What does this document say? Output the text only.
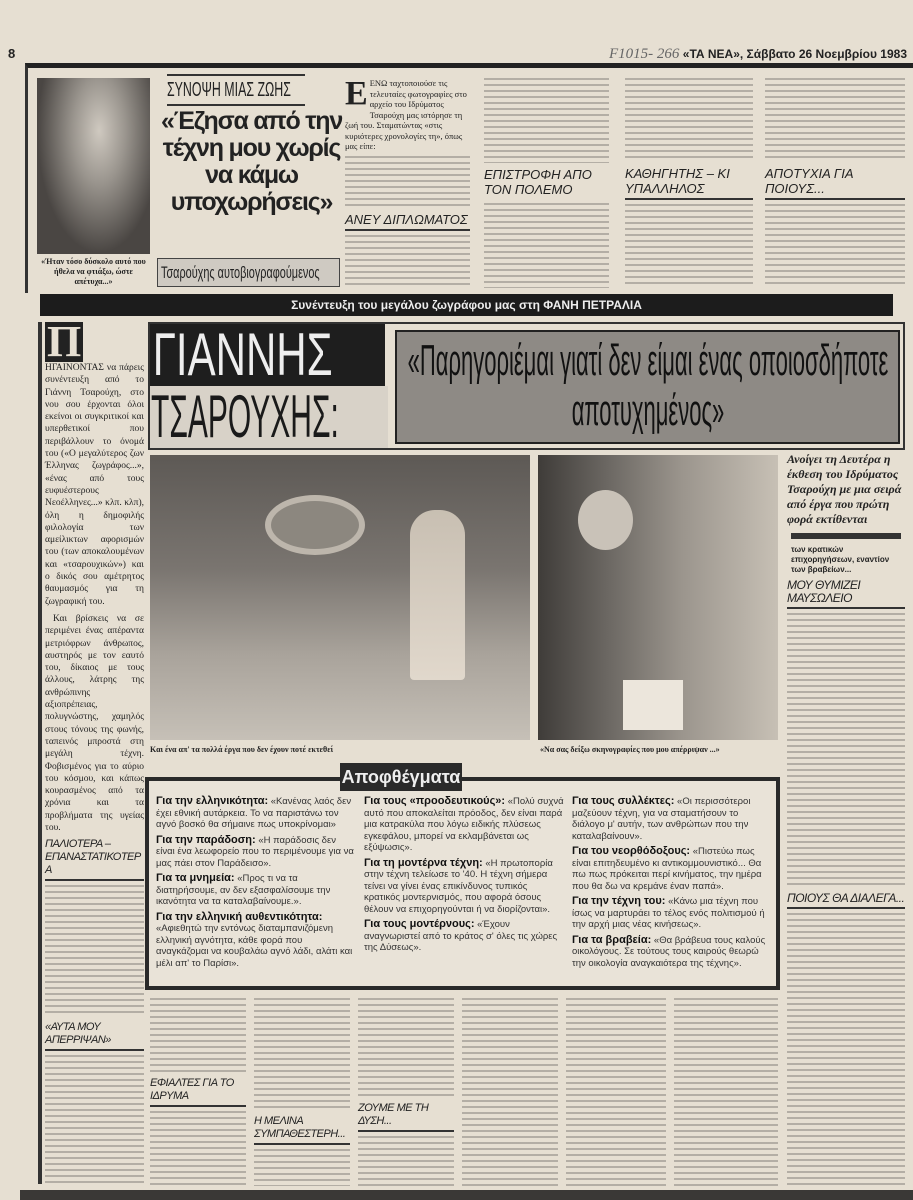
8	F1015- 266 «ΤΑ ΝΕΑ», Σάββατο 26 Νοεμβρίου 1983
«Ήταν τόσο δύσκολο αυτό που ήθελα να φτιάξω, ώστε απέτυχα...»
ΣΥΝΟΨΗ ΜΙΑΣ ΖΩΗΣ
«Έζησα από την τέχνη μου χωρίς να κάμω υποχωρήσεις»
Τσαρούχης αυτοβιογραφούμενος
ΕΕΝΩ ταχτοποιούσε τις τελευταίες φωτογραφίες στο αρχείο του Ιδρύματος Τσαρούχη μας ιστόρησε τη ζωή του. Σταματώντας «στις κυριότερες χρονολογίες τη», όπως μας είπε:
ΑΝΕΥ ΔΙΠΛΩΜΑΤΟΣ
ΕΠΙΣΤΡΟΦΗ ΑΠΟ ΤΟΝ ΠΟΛΕΜΟ
ΚΑΘΗΓΗΤΗΣ – ΚΙ ΥΠΑΛΛΗΛΟΣ
ΑΠΟΤΥΧΙΑ ΓΙΑ ΠΟΙΟΥΣ...
Συνέντευξη του μεγάλου ζωγράφου μας στη ΦΑΝΗ ΠΕΤΡΑΛΙΑ
Π
ΗΓΑΙΝΟΝΤΑΣ να πάρεις συνέντευξη από το Γιάννη Τσαρούχη, στο νου σου έρχονται όλοι εκείνοι οι συγκριτικοί και υπερθετικοί που περιβάλλουν το όνομά του («Ο μεγαλύτερος ζων Έλληνας ζωγράφος...», «ένας από τους ευφυέστερους Νεοέλληνες...» κλπ. κλπ), όλη η δημοφιλής φιλολογία των αμείλικτων αφορισμών του (των αποκαλουμένων και «τσαρουχικών») και ο δικός σου αμέτρητος θαυμασμός για τη ζωγραφική του.

Και βρίσκεις να σε περιμένει ένας απέραντα μετριόφρων άνθρωπος, αυστηρός με τον εαυτό του, δίκαιος με τους άλλους, λάτρης της ανθρώπινης αξιοπρέπειας, πολυγνώστης, χαμηλός στους τόνους της φωνής, ταπεινός μπροστά στη μεγάλη τέχνη. Φοβισμένος για το αύριο του κόσμου, και κάπως κουρασμένος από τα χρόνια και τα προβλήματα της υγείας του.

ΠΑΛΙΟΤΕΡΑ – ΕΠΑΝΑΣΤΑΤΙΚΟΤΕΡΑ
«ΑΥΤΑ ΜΟΥ ΑΠΕΡΡΙΨΑΝ»
ΓΙΑΝΝΗΣ
ΤΣΑΡΟΥΧΗΣ:
«Παρηγοριέμαι γιατί δεν είμαι ένας οποιοσδήποτε αποτυχημένος»
Και ένα απ' τα πολλά έργα που δεν έχουν ποτέ εκτεθεί	«Να σας δείξω σκηνογραφίες που μου απέρριψαν ...»
Ανοίγει τη Δευτέρα η έκθεση του Ιδρύματος Τσαρούχη με μια σειρά από έργα που πρώτη φορά εκτίθενται
των κρατικών επιχορηγήσεων, εναντίον των βραβείων...
ΜΟΥ ΘΥΜΙΖΕΙ ΜΑΥΣΩΛΕΙΟ
ΠΟΙΟΥΣ ΘΑ ΔΙΑΛΕΓΑ...
Αποφθέγματα
Για την ελληνικότητα: «Κανένας λαός δεν έχει εθνική αυτάρκεια. Το να παριστάνω τον αγνό βοσκό θα σήμαινε πως υποκρίνομαι»
Για την παράδοση: «Η παράδοσις δεν είναι ένα λεωφορείο που το περιμένουμε για να μας πάει στον Παράδεισο».
Για τα μνημεία: «Προς τι να τα διατηρήσουμε, αν δεν εξασφαλίσουμε την ικανότητα να τα καταλαβαίνουμε.».
Για την ελληνική αυθεντικότητα: «Αφιεθητώ την εντόνως διαταμπανιζόμενη ελληνική αγνότητα, κάθε φορά που αναγκάζομαι να κουβαλάω αγνό λάδι, αλάτι και μέλι απ' το Παρίσι».
Για τους «προοδευτικούς»: «Πολύ συχνά αυτό που αποκαλείται πρόοδος, δεν είναι παρά μια κατρακύλα που λόγω ειδικής πλύσεως εγκεφάλου, μπορεί να εκλαμβάνεται ως εξύψωσις».
Για τη μοντέρνα τέχνη: «Η πρωτοπορία στην τέχνη τελείωσε το '40. Η τέχνη σήμερα τείνει να γίνει ένας επικίνδυνος τυπικός κρατικός μοντερνισμός, που αφορά όσους θέλουν να επιχορηγούνται ή να διορίζονται».
Για τους μοντέρνους: «Έχουν αναγνωριστεί από το κράτος σ' όλες τις χώρες της Δύσεως».
Για τους συλλέκτες: «Οι περισσότεροι μαζεύουν τέχνη, για να σταματήσουν το διάλογο μ' αυτήν, των ανθρώπων που την καταλαβαίνουν».
Για του νεορθόδοξους: «Πιστεύω πως είναι επιτηδευμένο κι αντικομμουνιστικό... Θα πω πως πρόκειται περί κινήματος, την ημέρα που θα δω να κρεμάνε έναν παπά».
Για την τέχνη του: «Κάνω μια τέχνη που ίσως να μαρτυράει το τέλος ενός πολιτισμού ή την αρχή μιας νέας κινήσεως».
Για τα βραβεία: «Θα βράβευα τους καλούς οικολόγους. Σε τούτους τους καιρούς θεωρώ την οικολογία αναγκαιότερα της τέχνης».
ΕΦΙΑΛΤΕΣ ΓΙΑ ΤΟ ΙΔΡΥΜΑ
Η ΜΕΛΙΝΑ ΣΥΜΠΑΘΕΣΤΕΡΗ...
ΖΟΥΜΕ ΜΕ ΤΗ ΔΥΣΗ...
